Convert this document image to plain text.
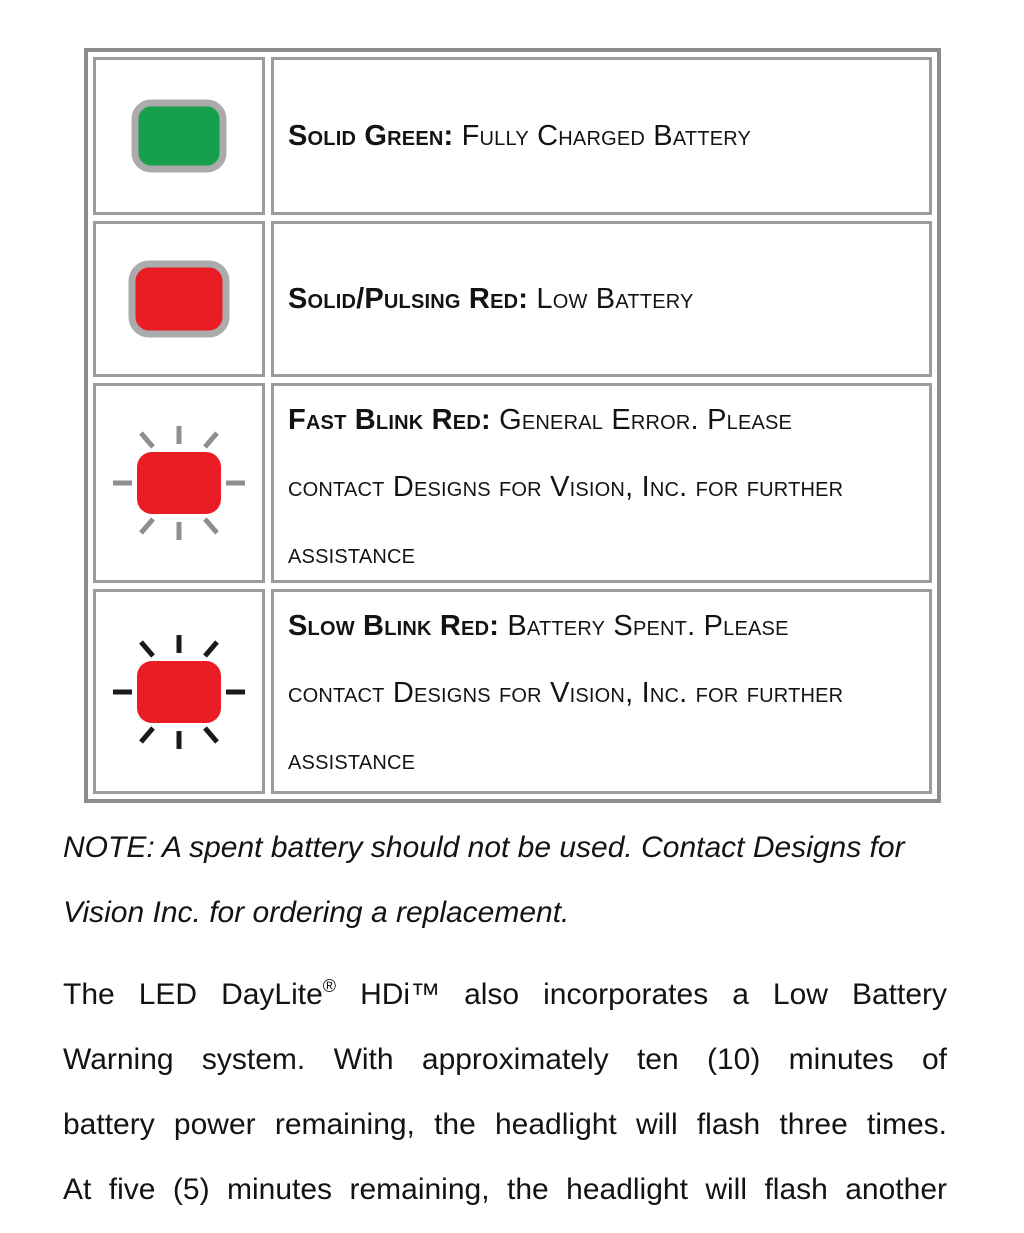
Solid Green: Fully Charged Battery
Solid/Pulsing Red: Low Battery
Fast Blink Red: General Error. Please
contact Designs for Vision, Inc. for further
assistance
Slow Blink Red: Battery Spent. Please
contact Designs for Vision, Inc. for further
assistance
NOTE: A spent battery should not be used. Contact Designs for
Vision Inc. for ordering a replacement.
The LED DayLite® HDi™ also incorporates a Low Battery
Warning system. With approximately ten (10) minutes of
battery power remaining, the headlight will flash three times.
At five (5) minutes remaining, the headlight will flash another
